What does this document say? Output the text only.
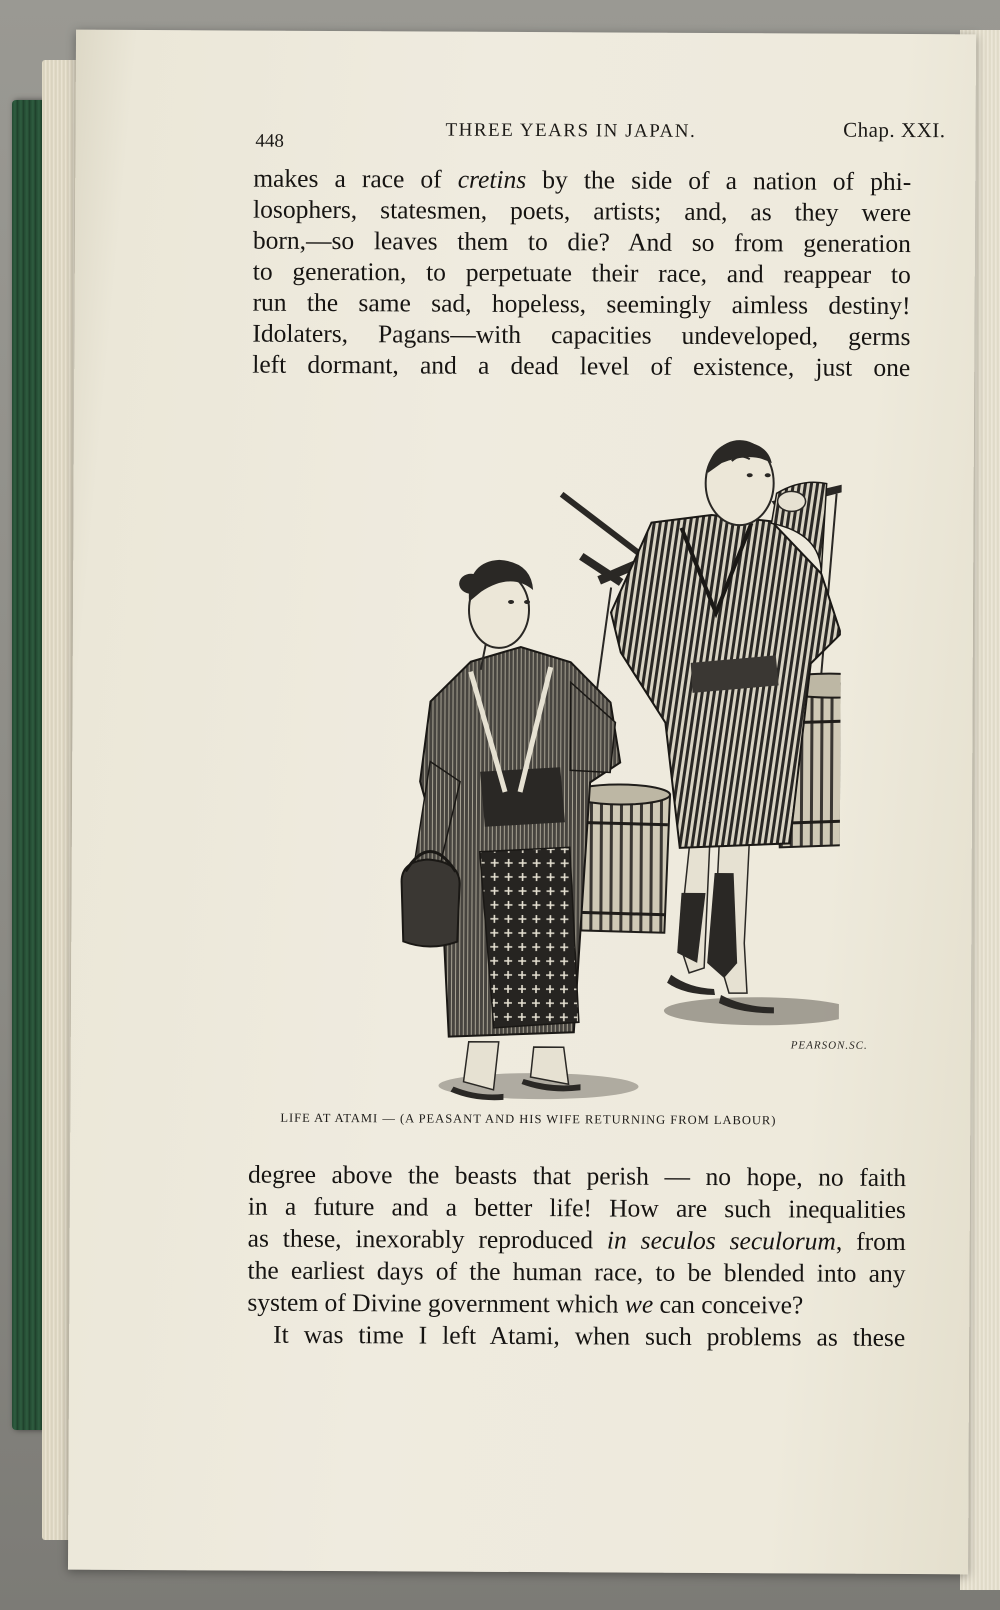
448	THREE YEARS IN JAPAN.	Chap. XXI.
makes a race of cretins by the side of a nation of phi-
losophers, statesmen, poets, artists; and, as they were
born,—so leaves them to die? And so from generation
to generation, to perpetuate their race, and reappear to
run the same sad, hopeless, seemingly aimless destiny!
Idolaters, Pagans—with capacities undeveloped, germs
left dormant, and a dead level of existence, just one
PEARSON.SC.
LIFE AT ATAMI — (A PEASANT AND HIS WIFE RETURNING FROM LABOUR)
degree above the beasts that perish — no hope, no faith
in a future and a better life! How are such inequalities
as these, inexorably reproduced in seculos seculorum, from
the earliest days of the human race, to be blended into any
system of Divine government which we can conceive?
It was time I left Atami, when such problems as these
